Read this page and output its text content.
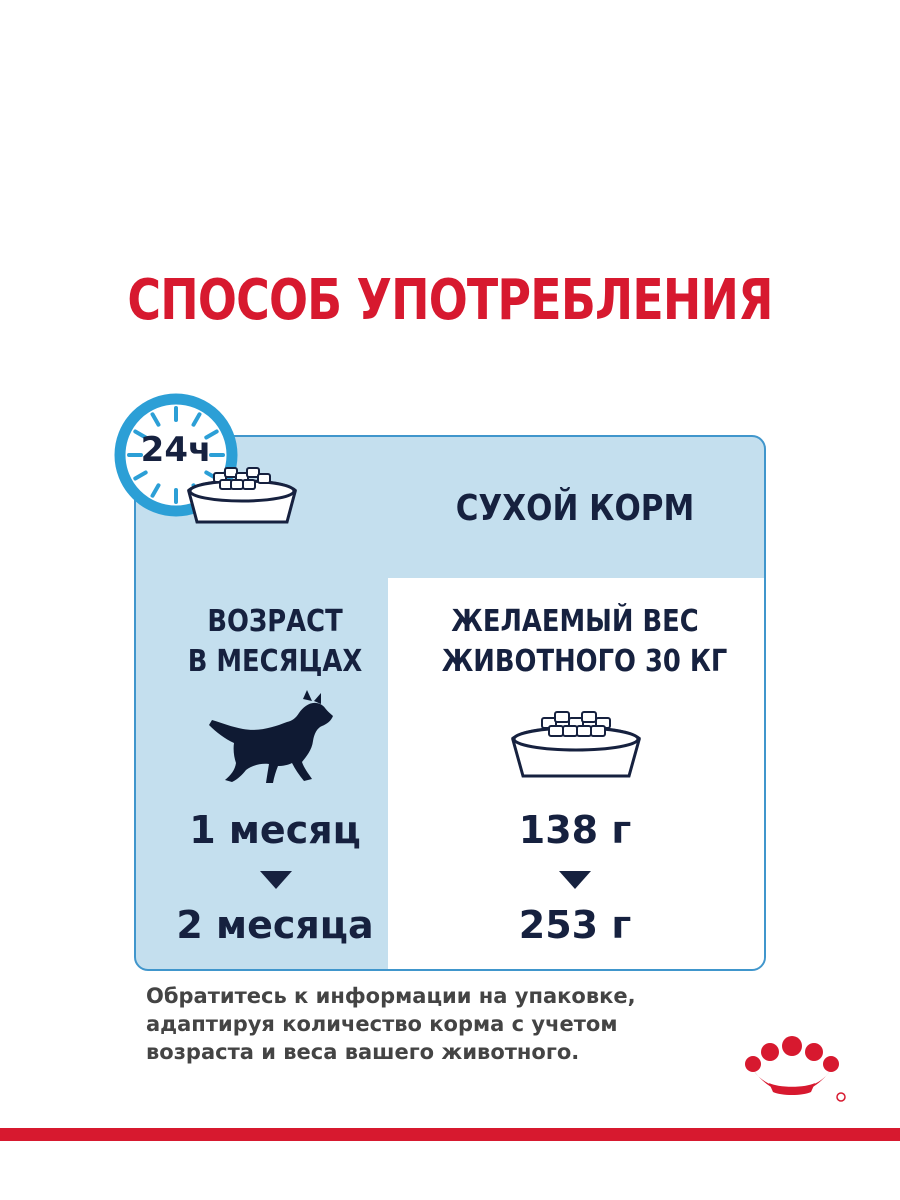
СПОСОБ УПОТРЕБЛЕНИЯ
24ч
СУХОЙ КОРМ
ВОЗРАСТ
В МЕСЯЦАХ
ЖЕЛАЕМЫЙ ВЕС
ЖИВОТНОГО 30 КГ
1 месяц
2 месяца
138 г
253 г
Обратитесь к информации на упаковке,
адаптируя количество корма с учетом
возраста и веса вашего животного.
